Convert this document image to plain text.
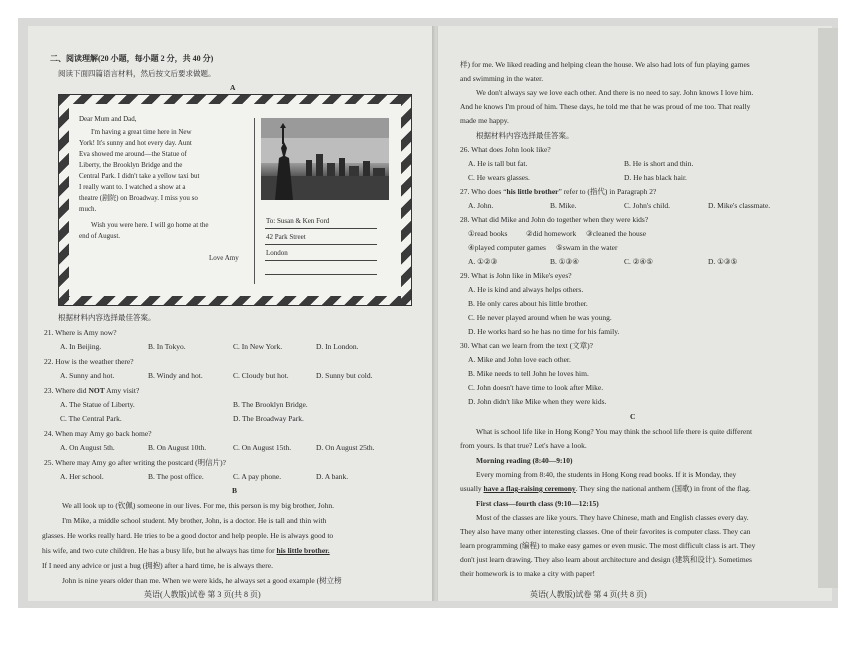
二、阅读理解(20 小题，每小题 2 分，共 40 分)
阅读下面四篇语言材料，然后按文后要求做题。
A
Dear Mum and Dad,
I'm having a great time here in New
York! It's sunny and hot every day. Aunt
Eva showed me around—the Statue of
Liberty, the Brooklyn Bridge and the
Central Park. I didn't take a yellow taxi but
I really want to. I watched a show at a
theatre (剧院) on Broadway. I miss you so
much.
Wish you were here. I will go home at the
end of August.
Love Amy
To: Susan & Ken Ford
42 Park Street
London
根据材料内容选择最佳答案。
21. Where is Amy now?
A. In Beijing.	B. In Tokyo.	C. In New York.	D. In London.
22. How is the weather there?
A. Sunny and hot.	B. Windy and hot.	C. Cloudy but hot.	D. Sunny but cold.
23. Where did NOT Amy visit?
A. The Statue of Liberty.	B. The Brooklyn Bridge.
C. The Central Park.	D. The Broadway Park.
24. When may Amy go back home?
A. On August 5th.	B. On August 10th.	C. On August 15th.	D. On August 25th.
25. Where may Amy go after writing the postcard (明信片)?
A. Her school.	B. The post office.	C. A pay phone.	D. A bank.
B
We all look up to (钦佩) someone in our lives. For me, this person is my big brother, John.
I'm Mike, a middle school student. My brother, John, is a doctor. He is tall and thin with
glasses. He works really hard. He tries to be a good doctor and help people. He is always good to
his wife, and two cute children. He has a busy life, but he always has time for his little brother.
If I need any advice or just a hug (拥抱) after a hard time, he is always there.
John is nine years older than me. When we were kids, he always set a good example (树立榜
样) for me. We liked reading and helping clean the house. We also had lots of fun playing games
and swimming in the water.
We don't always say we love each other. And there is no need to say. John knows I love him.
And he knows I'm proud of him. These days, he told me that he was proud of me too. That really
made me happy.
根据材料内容选择最佳答案。
26. What does John look like?
A. He is tall but fat.	B. He is short and thin.
C. He wears glasses.	D. He has black hair.
27. Who does “his little brother” refer to (指代) in Paragraph 2?
A. John.	B. Mike.	C. John's child.	D. Mike's classmate.
28. What did Mike and John do together when they were kids?
①read books ②did homework ③cleaned the house
④played computer games ⑤swam in the water
A. ①②③	B. ①③④	C. ②④⑤	D. ①③⑤
29. What is John like in Mike's eyes?
A. He is kind and always helps others.
B. He only cares about his little brother.
C. He never played around when he was young.
D. He works hard so he has no time for his family.
30. What can we learn from the text (文章)?
A. Mike and John love each other.
B. Mike needs to tell John he loves him.
C. John doesn't have time to look after Mike.
D. John didn't like Mike when they were kids.
C
What is school life like in Hong Kong? You may think the school life there is quite different
from yours. Is that true? Let's have a look.
Morning reading (8:40—9:10)
Every morning from 8:40, the students in Hong Kong read books. If it is Monday, they
usually have a flag-raising ceremony. They sing the national anthem (国歌) in front of the flag.
First class—fourth class (9:10—12:15)
Most of the classes are like yours. They have Chinese, math and English classes every day.
They also have many other interesting classes. One of their favorites is computer class. They can
learn programming (编程) to make easy games or even music. The most difficult class is art. They
don't just learn drawing. They also learn about architecture and design (建筑和设计). Sometimes
their homework is to make a city with paper!
英语(人教版)试卷 第 3 页(共 8 页)	英语(人教版)试卷 第 4 页(共 8 页)
